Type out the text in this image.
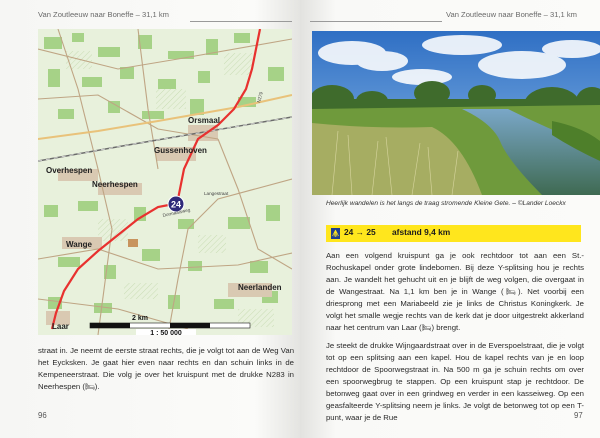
Van Zoutleeuw naar Boneffe – 31,1 km
24
Orsmaal
Gussenhoven
Overhespen
Neerhespen
Wange
Neerlanden
Laar
Langestraat
Dormaalsweg
N279
2 km
1 : 50 000
straat in. Je neemt de eerste straat rechts, die je volgt tot aan de Weg Van het Eycksken. Je gaat hier even naar rechts en dan schuin links in de Kempeneerstraat. Die volg je over het kruispunt met de drukke N283 in Neerhespen (🛏).
96
Van Zoutleeuw naar Boneffe – 31,1 km
Heerlijk wandelen is het langs de traag stromende Kleine Gete. – ©Lander Loeckx
24 → 25 afstand 9,4 km

Aan een volgend kruispunt ga je ook rechtdoor tot aan een St.-Rochuskapel onder grote lindebomen. Bij deze Y-splitsing hou je rechts aan. Je wandelt het gehucht uit en je blijft de weg volgen, die overgaat in de Wangestraat. Na 1,1 km ben je in Wange (🛏). Net voorbij een driesprong met een Mariabeeld zie je links de Christus Koningkerk. Je volgt het smalle wegje rechts van de kerk dat je door uitgestrekt akkerland naar het centrum van Laar (🛏) brengt.

Je steekt de drukke Wijngaardstraat over in de Everspoelstraat, die je volgt tot op een splitsing aan een kapel. Hou de kapel rechts van je en loop rechtdoor de Spoorwegstraat in. Na 500 m ga je schuin rechts om over een spoorwegbrug te stappen. Op een kruispunt stap je rechtdoor. De betonweg gaat over in een grindweg en verder in een kasseiweg. Op een geasfalteerde Y-splitsing neem je links. Je volgt de betonweg tot op een T-punt, waar je de Rue	97
